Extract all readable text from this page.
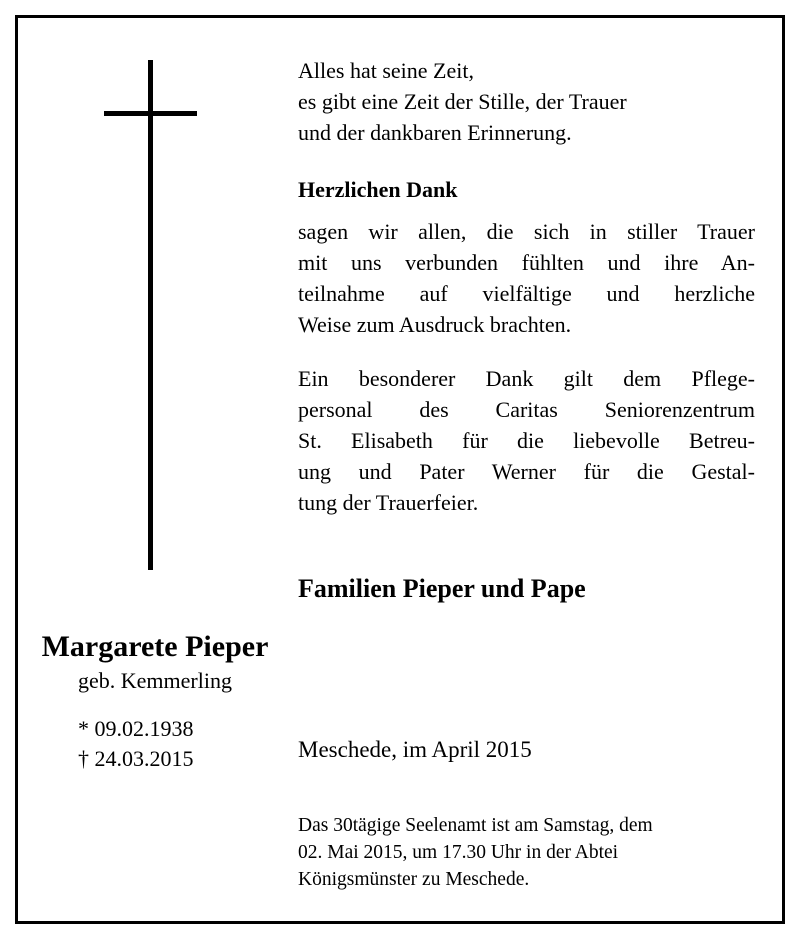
Alles hat seine Zeit,
es gibt eine Zeit der Stille, der Trauer
und der dankbaren Erinnerung.
Herzlichen Dank

sagen wir allen, die sich in stiller Trauer

mit uns verbunden fühlten und ihre An-

teilnahme auf vielfältige und herzliche

Weise zum Ausdruck brachten.

Ein besonderer Dank gilt dem Pflege-

personal des Caritas Seniorenzentrum

St. Elisabeth für die liebevolle Betreu-

ung und Pater Werner für die Gestal-

tung der Trauerfeier.

Familien Pieper und Pape
Margarete Pieper
geb. Kemmerling
* 09.02.1938
† 24.03.2015	Meschede, im April 2015
Das 30tägige Seelenamt ist am Samstag, dem
02. Mai 2015, um 17.30 Uhr in der Abtei
Königsmünster zu Meschede.
